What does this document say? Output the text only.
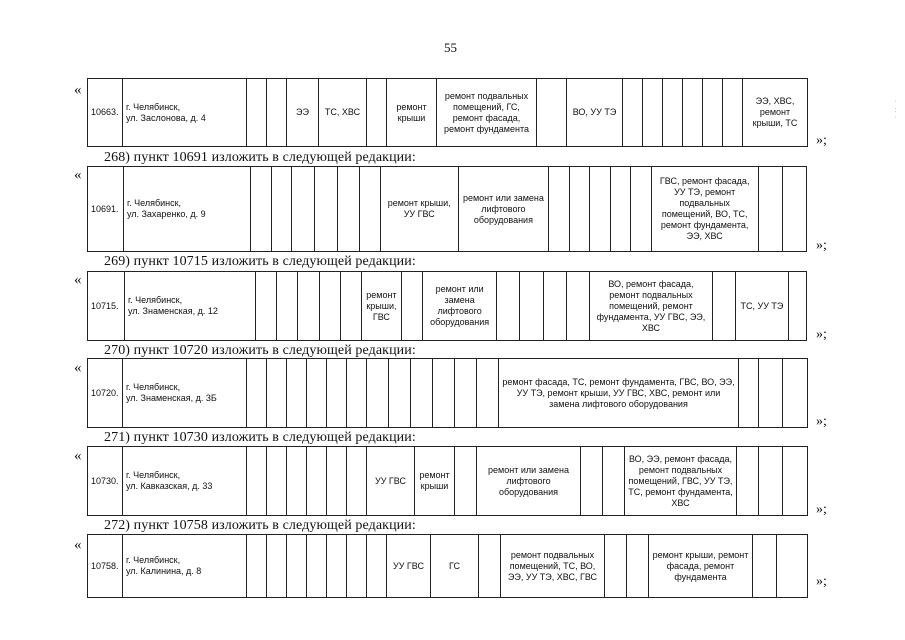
55
«
10663.	г. Челябинск,
ул. Заслонова, д. 4			ЭЭ	ТС, ХВС		ремонт крыши	ремонт подвальных помещений, ГС, ремонт фасада, ремонт фундамента		ВО, УУ ТЭ							ЭЭ, ХВС, ремонт крыши, ТС
»;
268) пункт 10691 изложить в следующей редакции:
«
10691.	г. Челябинск,
ул. Захаренко, д. 9							ремонт крыши, УУ ГВС	ремонт или замена лифтового оборудования						ГВС, ремонт фасада, УУ ТЭ, ремонт подвальных помещений, ВО, ТС, ремонт фундамента, ЭЭ, ХВС		
»;
269) пункт 10715 изложить в следующей редакции:
«
10715.	г. Челябинск,
ул. Знаменская, д. 12						ремонт крыши, ГВС		ремонт или замена лифтового оборудования					ВО, ремонт фасада, ремонт подвальных помещений, ремонт фундамента, УУ ГВС, ЭЭ, ХВС		ТС, УУ ТЭ	
»;
270) пункт 10720 изложить в следующей редакции:
«
10720.	г. Челябинск,
ул. Знаменская, д. 3Б													ремонт фасада, ТС, ремонт фундамента, ГВС, ВО, ЭЭ, УУ ТЭ, ремонт крыши, УУ ГВС, ХВС, ремонт или замена лифтового оборудования			
»;
271) пункт 10730 изложить в следующей редакции:
«
10730.	г. Челябинск,
ул. Кавказская, д. 33							УУ ГВС	ремонт крыши		ремонт или замена лифтового оборудования			ВО, ЭЭ, ремонт фасада, ремонт подвальных помещений, ГВС, УУ ТЭ, ТС, ремонт фундамента, ХВС				»;
272) пункт 10758 изложить в следующей редакции:
«
10758.	г. Челябинск,
ул. Калинина, д. 8								УУ ГВС	ГС		ремонт подвальных помещений, ТС, ВО, ЭЭ, УУ ТЭ, ХВС, ГВС			ремонт крыши, ремонт фасада, ремонт фундамента			»;
·
:
·
